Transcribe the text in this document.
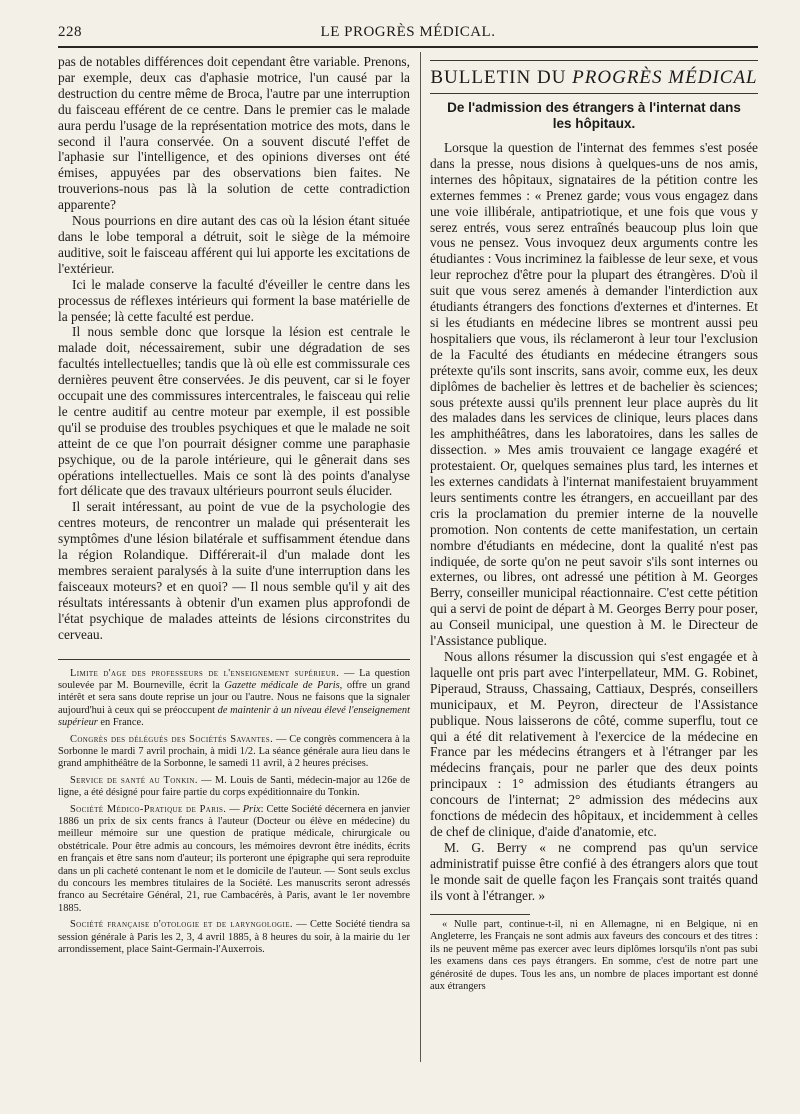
228	LE PROGRÈS MÉDICAL.

pas de notables différences doit cependant être variable. Prenons, par exemple, deux cas d'aphasie motrice, l'un causé par la destruction du centre même de Broca, l'autre par une interruption du faisceau efférent de ce centre. Dans le premier cas le malade aura perdu l'usage de la représentation motrice des mots, dans le second il l'aura conservée. On a souvent discuté l'effet de l'aphasie sur l'intelligence, et des opinions diverses ont été émises, appuyées par des observations bien faites. Ne trouverions-nous pas là la solution de cette contradiction apparente?

Nous pourrions en dire autant des cas où la lésion étant située dans le lobe temporal a détruit, soit le siège de la mémoire auditive, soit le faisceau afférent qui lui apporte les excitations de l'extérieur.

Ici le malade conserve la faculté d'éveiller le centre dans les processus de réflexes intérieurs qui forment la base matérielle de la pensée; là cette faculté est perdue.

Il nous semble donc que lorsque la lésion est centrale le malade doit, nécessairement, subir une dégradation de ses facultés intellectuelles; tandis que là où elle est commissurale ces dernières peuvent être conservées. Je dis peuvent, car si le foyer occupait une des commissures intercentrales, le faisceau qui relie le centre auditif au centre moteur par exemple, il est possible qu'il se produise des troubles psychiques et que le malade ne soit atteint de ce que l'on pourrait désigner comme une paraphasie psychique, ou de la parole intérieure, qui le gênerait dans ses opérations intellectuelles. Mais ce sont là des points d'analyse fort délicate que des travaux ultérieurs pourront seuls élucider.

Il serait intéressant, au point de vue de la psychologie des centres moteurs, de rencontrer un malade qui présenterait les symptômes d'une lésion bilatérale et suffisamment étendue dans la région Rolandique. Différerait-il d'un malade dont les membres seraient paralysés à la suite d'une interruption dans les faisceaux moteurs? et en quoi? — Il nous semble qu'il y ait des résultats intéressants à obtenir d'un examen plus approfondi de l'état psychique de malades atteints de lésions circonstrites du cerveau.

Limite d'age des professeurs de l'enseignement supérieur. — La question soulevée par M. Bourneville, écrit la Gazette médicale de Paris, offre un grand intérêt et sera sans doute reprise un jour ou l'autre. Nous ne faisons que la signaler aujourd'hui à ceux qui se préoccupent de maintenir à un niveau élevé l'enseignement supérieur en France.

Congrès des délégués des Sociétés Savantes. — Ce congrès commencera à la Sorbonne le mardi 7 avril prochain, à midi 1/2. La séance générale aura lieu dans le grand amphithéâtre de la Sorbonne, le samedi 11 avril, à 2 heures précises.

Service de santé au Tonkin. — M. Louis de Santi, médecin-major au 126e de ligne, a été désigné pour faire partie du corps expéditionnaire du Tonkin.

Société Médico-Pratique de Paris. — Prix: Cette Société décernera en janvier 1886 un prix de six cents francs à l'auteur (Docteur ou élève en médecine) du meilleur mémoire sur une question de pratique médicale, chirurgicale ou obstétricale. Pour être admis au concours, les mémoires devront être inédits, écrits en français et être sans nom d'auteur; ils porteront une épigraphe qui sera reproduite dans un pli cacheté contenant le nom et le domicile de l'auteur. — Sont seuls exclus du concours les membres titulaires de la Société. Les manuscrits seront adressés franco au Secrétaire Général, 21, rue Cambacérès, à Paris, avant le 1er novembre 1885.

Société française d'otologie et de laryngologie. — Cette Société tiendra sa session générale à Paris les 2, 3, 4 avril 1885, à 8 heures du soir, à la mairie du 1er arrondissement, place Saint-Germain-l'Auxerrois.

BULLETIN DU PROGRÈS MÉDICAL
De l'admission des étrangers à l'internat dans les hôpitaux.

Lorsque la question de l'internat des femmes s'est posée dans la presse, nous disions à quelques-uns de nos amis, internes des hôpitaux, signataires de la pétition contre les externes femmes : « Prenez garde; vous vous engagez dans une voie illibérale, antipatriotique, et une fois que vous y serez entrés, vous serez entraînés beaucoup plus loin que vous ne pensez. Vous invoquez deux arguments contre les étudiantes : Vous incriminez la faiblesse de leur sexe, et vous leur reprochez d'être pour la plupart des étrangères. D'où il suit que vous serez amenés à demander l'interdiction aux étudiants étrangers des fonctions d'externes et d'internes. Et si les étudiants en médecine libres se montrent aussi peu hospitaliers que vous, ils réclameront à leur tour l'exclusion de la Faculté des étudiants en médecine étrangers sous prétexte qu'ils sont inscrits, sans avoir, comme eux, les deux diplômes de bachelier ès lettres et de bachelier ès sciences; sous prétexte aussi qu'ils prennent leur place auprès du lit des malades dans les services de clinique, leurs places dans les amphithéâtres, dans les laboratoires, dans les salles de dissection. » Mes amis trouvaient ce langage exagéré et protestaient. Or, quelques semaines plus tard, les internes et les externes candidats à l'internat manifestaient bruyamment leurs sentiments contre les étrangers, en accueillant par des cris la proclamation du premier interne de la nouvelle promotion. Non contents de cette manifestation, un certain nombre d'étudiants en médecine, dont la qualité n'est pas indiquée, de sorte qu'on ne peut savoir s'ils sont internes ou externes, ou libres, ont adressé une pétition à M. Georges Berry, conseiller municipal réactionnaire. C'est cette pétition qui a servi de point de départ à M. Georges Berry pour poser, au Conseil municipal, une question à M. le Directeur de l'Assistance publique.

Nous allons résumer la discussion qui s'est engagée et à laquelle ont pris part avec l'interpellateur, MM. G. Robinet, Piperaud, Strauss, Chassaing, Cattiaux, Després, conseillers municipaux, et M. Peyron, directeur de l'Assistance publique. Nous laisserons de côté, comme superflu, tout ce qui a été dit relativement à l'exercice de la médecine en France par les médecins étrangers et à l'étranger par les médecins français, pour ne parler que des deux points principaux : 1° admission des étudiants étrangers au concours de l'internat; 2° admission des médecins aux fonctions de médecin des hôpitaux, et incidemment à celles de chef de clinique, d'aide d'anatomie, etc.

M. G. Berry « ne comprend pas qu'un service administratif puisse être confié à des étrangers alors que tout le monde sait de quelle façon les Français sont traités quand ils vont à l'étranger. »

« Nulle part, continue-t-il, ni en Allemagne, ni en Belgique, ni en Angleterre, les Français ne sont admis aux faveurs des concours et des titres : ils ne peuvent même pas exercer avec leurs diplômes lorsqu'ils n'ont pas subi les examens dans ces pays étrangers. En somme, c'est de notre part une générosité de dupes. Tous les ans, un nombre de places important est donné aux étrangers
